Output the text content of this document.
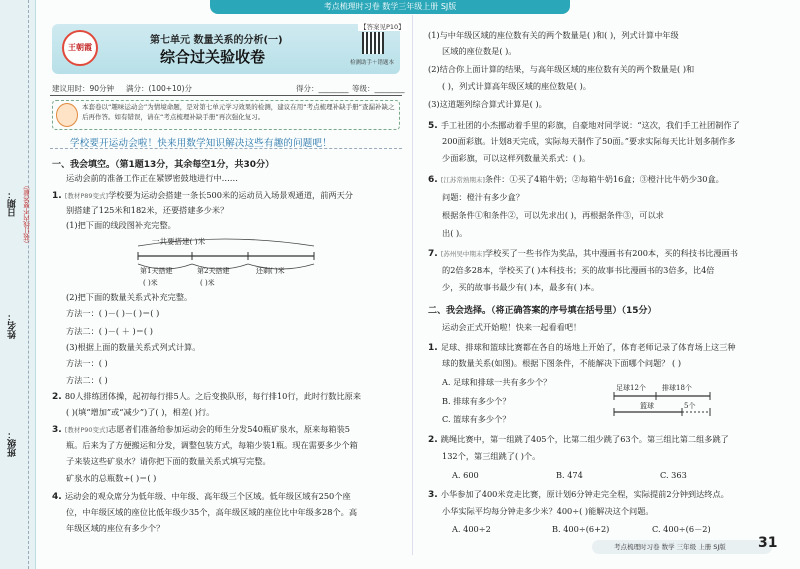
考点梳理时习卷 数学三年级上册 SJ版
日期： （装订线内不要答题）
姓名：
班级：
王朝霞
【答案见P10】
第七单元 数量关系的分析(一)
综合过关验收卷	检测助手＋错题本
建议用时：90分钟 满分：(100+10)分	得分：________ 等级：________
本套卷以“趣味运动会”为情境命题，是对第七单元学习效果的检测，建议在用“考点梳理补缺手册”查漏补缺之后再作答。如有错误，请在“考点梳理补缺手册”再次强化复习。
学校要开运动会啦！快来用数学知识解决这些有趣的问题吧！
一、我会填空。（第1题13分，其余每空1分，共30分）
运动会前的准备工作正在紧锣密鼓地进行中……
1. [教材P89变式]学校要为运动会搭建一条长500米的运动员入场景观通道，前两天分
别搭建了125米和182米，还要搭建多少米？
(1)把下面的线段图补充完整。
一共要搭建( )米
第1天搭建	第2天搭建	还剩( )米
( )米	( )米
(2)把下面的数量关系式补充完整。
方法一：( )－( )－( )＝( )
方法二：( )－( ＋ )＝( )
(3)根据上面的数量关系式列式计算。
方法一：( )
方法二：( )
2. 80人排练团体操，起初每行排5人。之后变换队形，每行排10行，此时行数比原来
( )(填“增加”或“减少”)了( )，相差( )行。
3. [教材P90变式]志愿者们准备给参加运动会的师生分发540瓶矿泉水，原来每箱装5
瓶。后来为了方便搬运和分发，调整包装方式，每箱少装1瓶。现在需要多少个箱
子来装这些矿泉水？请你把下面的数量关系式填写完整。
矿泉水的总瓶数÷( )＝( )
4. 运动会的观众席分为低年级、中年级、高年级三个区域。低年级区域有250个座
位，中年级区域的座位比低年级少35个，高年级区域的座位比中年级多28个。高
年级区域的座位有多少个？
(1)与中年级区域的座位数有关的两个数量是( )和( )，列式计算中年级
区域的座位数是( )。
(2)结合你上面计算的结果，与高年级区域的座位数有关的两个数量是( )和
( )，列式计算高年级区域的座位数是( )。
(3)这道题列综合算式计算是( )。
5. 手工社团的小杰挪动着手里的彩旗，自豪地对同学说：“这次，我们手工社团制作了
200面彩旗。计划8天完成，实际每天制作了50面。”要求实际每天比计划多制作多
少面彩旗，可以这样列数量关系式：( )。
6. [江苏常熟期末]条件：①买了4箱牛奶；②每箱牛奶16盒；③橙汁比牛奶少30盒。
问题：橙汁有多少盒？
根据条件①和条件②，可以先求出( )，再根据条件③，可以求
出( )。
7. [苏州吴中期末]学校买了一些书作为奖品，其中漫画书有200本，买的科技书比漫画书
的2倍多28本，学校买了( )本科技书；买的故事书比漫画书的3倍多，比4倍
少，买的故事书最少有( )本，最多有( )本。
二、我会选择。（将正确答案的序号填在括号里）（15分）
运动会正式开始啦！快来一起看看吧！
1. 足球、排球和篮球比赛都在各自的场地上开始了，体育老师记录了体育场上这三种
球的数量关系(如图)。根据下图条件，不能解决下面哪个问题？ ( )
A. 足球和排球一共有多少个？
B. 排球有多少个？
C. 篮球有多少个？
足球12个 排球18个
篮球	5个
2. 跳绳比赛中，第一组跳了405个，比第二组少跳了63个。第三组比第二组多跳了
132个，第三组跳了( )个。
A. 600	B. 474	C. 363
3. 小华参加了400米竞走比赛，原计划6分钟走完全程，实际提前2分钟到达终点。
小华实际平均每分钟走多少米？400÷( )能解决这个问题。
A. 400÷2	B. 400÷(6+2)	C. 400÷(6－2)
考点梳理时习卷 数学 三年级 上册 SJ版	31
